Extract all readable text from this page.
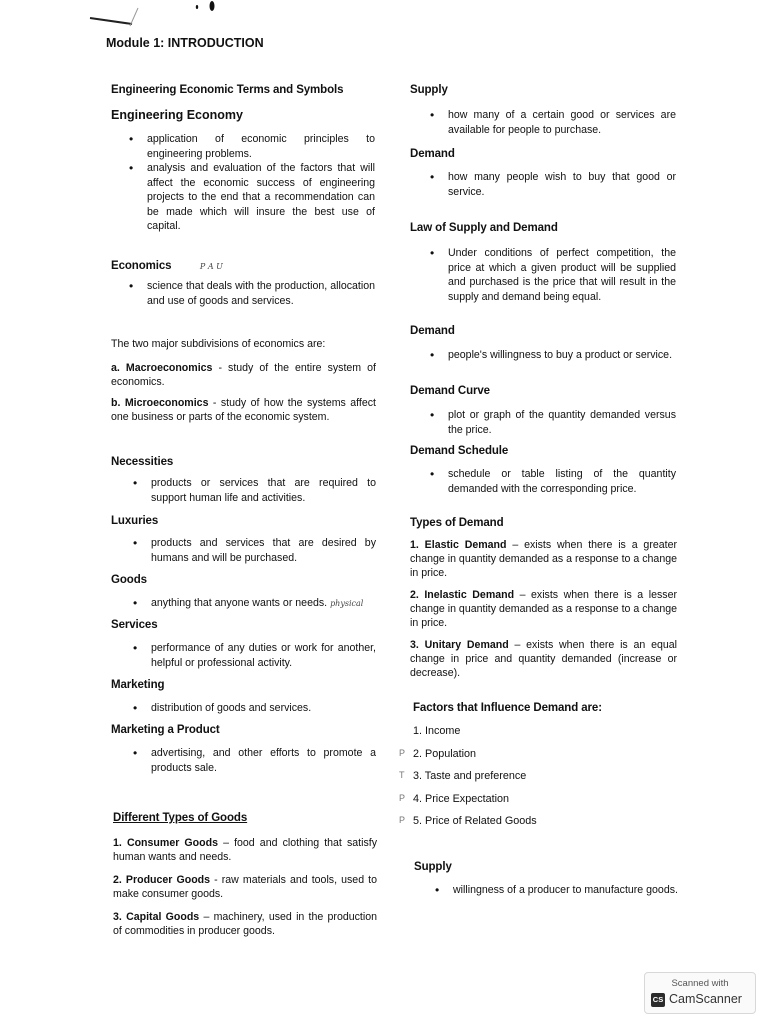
Module 1: INTRODUCTION
Engineering Economic Terms and Symbols
Engineering Economy
• application of economic principles to engineering problems.
• analysis and evaluation of the factors that will affect the economic success of engineering projects to the end that a recommendation can be made which will insure the best use of capital.
Economics	P A U
• science that deals with the production, allocation and use of goods and services.
The two major subdivisions of economics are:
a. Macroeconomics - study of the entire system of economics.
b. Microeconomics - study of how the systems affect one business or parts of the economic system.
Necessities
• products or services that are required to support human life and activities.
Luxuries
• products and services that are desired by humans and will be purchased.
Goods
• anything that anyone wants or needs. physical
Services
• performance of any duties or work for another, helpful or professional activity.
Marketing
• distribution of goods and services.
Marketing a Product
• advertising, and other efforts to promote a products sale.
Different Types of Goods
1. Consumer Goods – food and clothing that satisfy human wants and needs.
2. Producer Goods - raw materials and tools, used to make consumer goods.
3. Capital Goods – machinery, used in the production of commodities in producer goods.
Supply
• how many of a certain good or services are available for people to purchase.
Demand
• how many people wish to buy that good or service.
Law of Supply and Demand
• Under conditions of perfect competition, the price at which a given product will be supplied and purchased is the price that will result in the supply and demand being equal.
Demand
• people's willingness to buy a product or service.
Demand Curve
• plot or graph of the quantity demanded versus the price.
Demand Schedule
• schedule or table listing of the quantity demanded with the corresponding price.
Types of Demand
1. Elastic Demand – exists when there is a greater change in quantity demanded as a response to a change in price.
2. Inelastic Demand – exists when there is a lesser change in quantity demanded as a response to a change in price.
3. Unitary Demand – exists when there is an equal change in price and quantity demanded (increase or decrease).
Factors that Influence Demand are:
1. Income
P 2. Population
T 3. Taste and preference
P 4. Price Expectation
P 5. Price of Related Goods
Supply
• willingness of a producer to manufacture goods.
Scanned with
CS CamScanner
